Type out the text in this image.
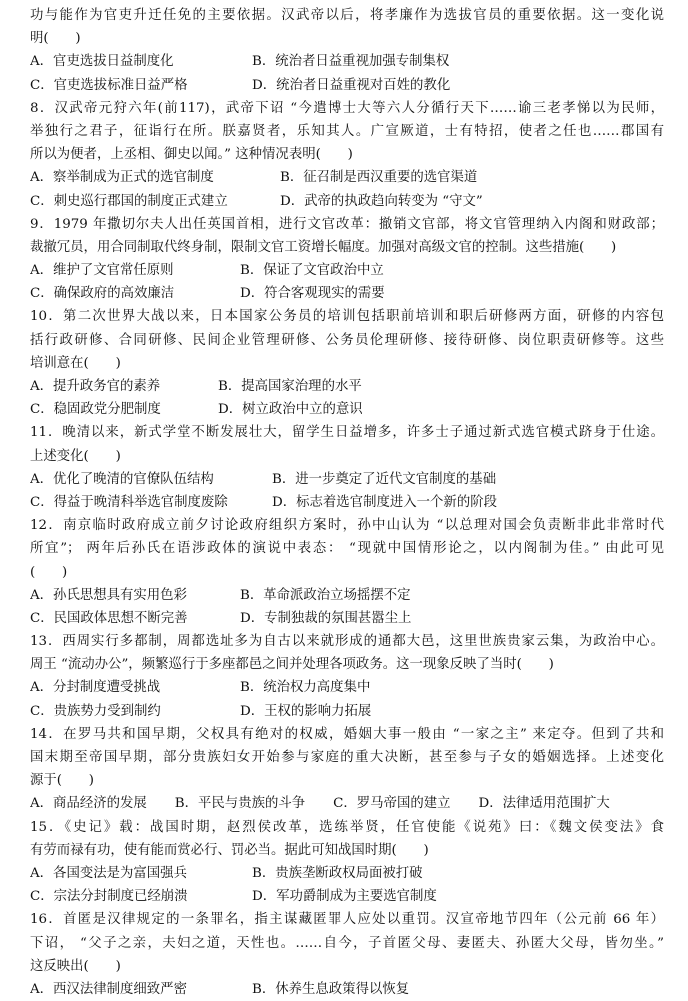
功与能作为官吏升迁任免的主要依据。汉武帝以后，将孝廉作为选拔官员的重要依据。这一变化说
明(　　)
A．官吏选拔日益制度化	B．统治者日益重视加强专制集权
C．官吏选拔标准日益严格	D．统治者日益重视对百姓的教化
8．汉武帝元狩六年(前117)，武帝下诏 “今遣博士大等六人分循行天下……谕三老孝悌以为民师，
举独行之君子，征诣行在所。朕嘉贤者，乐知其人。广宣厥道，士有特招，使者之任也……郡国有
所以为便者，上丞相、御史以闻。” 这种情况表明(　　)
A．察举制成为正式的选官制度	B．征召制是西汉重要的选官渠道
C．刺史巡行郡国的制度正式建立	D．武帝的执政趋向转变为 “守文”
9．1979 年撒切尔夫人出任英国首相，进行文官改革：撤销文官部，将文官管理纳入内阁和财政部；
裁撤冗员，用合同制取代终身制，限制文官工资增长幅度。加强对高级文官的控制。这些措施(　　)
A．维护了文官常任原则	B．保证了文官政治中立
C．确保政府的高效廉洁	D．符合客观现实的需要
10．第二次世界大战以来，日本国家公务员的培训包括职前培训和职后研修两方面，研修的内容包
括行政研修、合同研修、民间企业管理研修、公务员伦理研修、接待研修、岗位职责研修等。这些
培训意在(　　)
A．提升政务官的素养	B．提高国家治理的水平
C．稳固政党分肥制度	D．树立政治中立的意识
11．晚清以来，新式学堂不断发展壮大，留学生日益增多，许多士子通过新式选官模式跻身于仕途。
上述变化(　　)
A．优化了晚清的官僚队伍结构	B．进一步奠定了近代文官制度的基础
C．得益于晚清科举选官制度废除	D．标志着选官制度进入一个新的阶段
12．南京临时政府成立前夕讨论政府组织方案时，孙中山认为 “以总理对国会负责断非此非常时代
所宜”； 两年后孙氏在语涉政体的演说中表态： “现就中国情形论之，以内阁制为佳。” 由此可见
(　　)
A．孙氏思想具有实用色彩	B．革命派政治立场摇摆不定
C．民国政体思想不断完善	D．专制独裁的氛围甚嚣尘上
13．西周实行多都制，周都选址多为自古以来就形成的通都大邑，这里世族贵家云集，为政治中心。
周王 “流动办公”，频繁巡行于多座都邑之间并处理各项政务。这一现象反映了当时(　　)
A．分封制度遭受挑战	B．统治权力高度集中
C．贵族势力受到制约	D．王权的影响力拓展
14．在罗马共和国早期，父权具有绝对的权威，婚姻大事一般由 “一家之主” 来定夺。但到了共和
国末期至帝国早期，部分贵族妇女开始参与家庭的重大决断，甚至参与子女的婚姻选择。上述变化
源于(　　)
A．商品经济的发展 B．平民与贵族的斗争 C．罗马帝国的建立 D．法律适用范围扩大
15．《史记》载：战国时期，赵烈侯改革，选练举贤，任官使能《说苑》曰：《魏文侯变法》食
有劳而禄有功，使有能而赏必行、罚必当。据此可知战国时期(　　)
A．各国变法是为富国强兵	B．贵族垄断政权局面被打破
C．宗法分封制度已经崩溃	D．军功爵制成为主要选官制度
16．首匿是汉律规定的一条罪名，指主谋藏匿罪人应处以重罚。汉宣帝地节四年（公元前 66 年）
下诏， “父子之亲，夫妇之道，天性也。……自今，子首匿父母、妻匿夫、孙匿大父母，皆勿坐。”
这反映出(　　)
A．西汉法律制度细致严密	B．休养生息政策得以恢复
